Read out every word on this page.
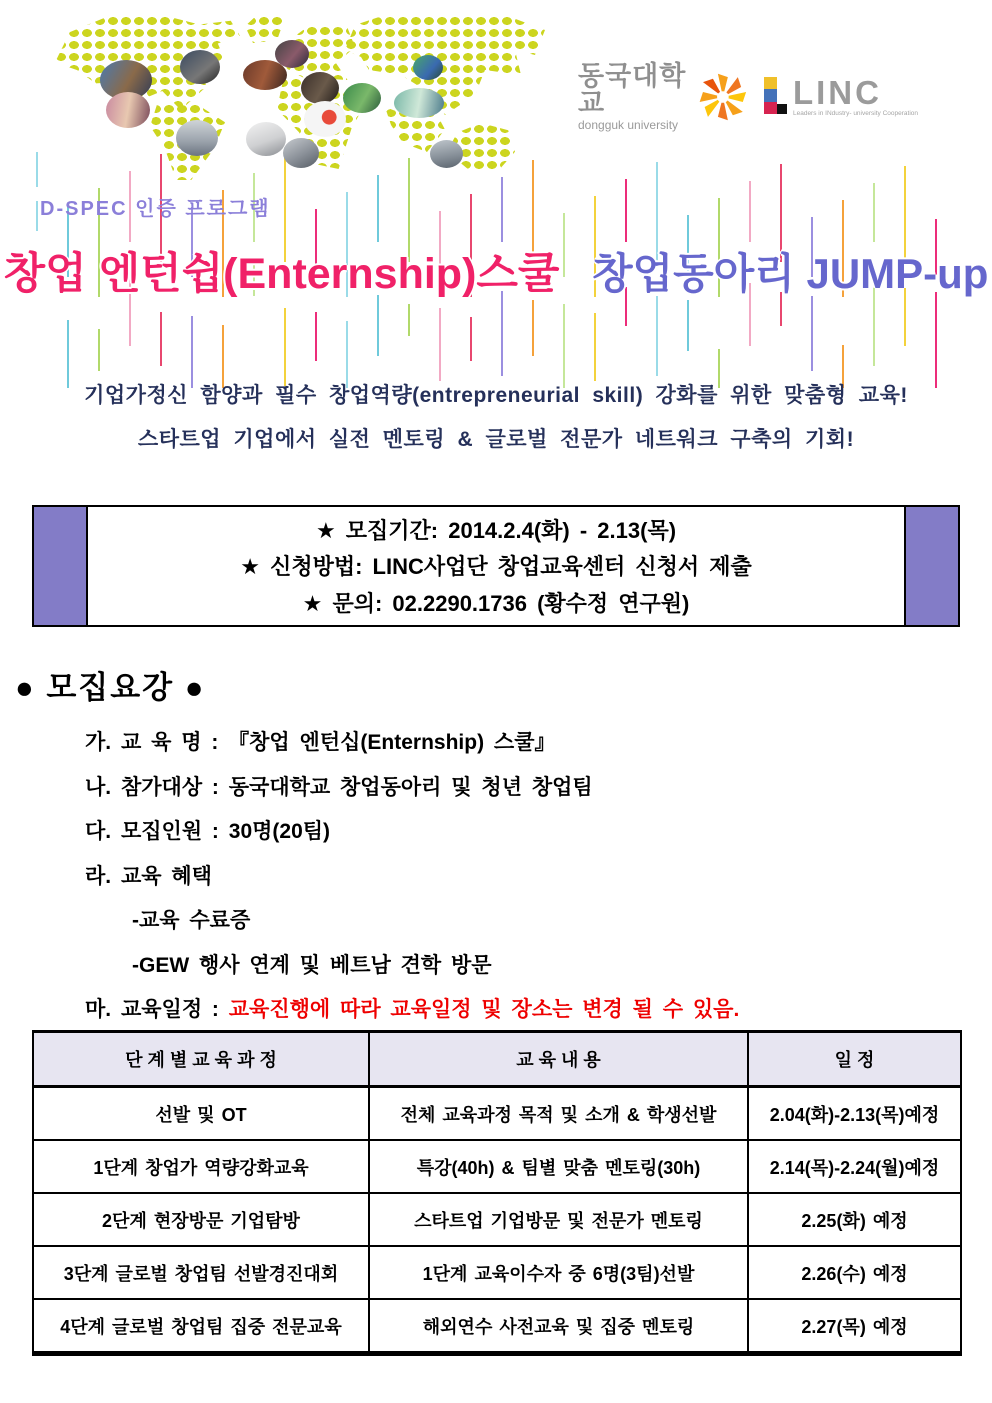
동국대학교
dongguk university
LINC
Leaders in INdustry- university Cooperation
D-SPEC 인증 프로그램
창업 엔턴쉽(Enternship)스쿨 창업동아리 JUMP-up
기업가정신 함양과 필수 창업역량(entrepreneurial skill) 강화를 위한 맞춤형 교육!
스타트업 기업에서 실전 멘토링 & 글로벌 전문가 네트워크 구축의 기회!
★ 모집기간: 2014.2.4(화) - 2.13(목)
★ 신청방법: LINC사업단 창업교육센터 신청서 제출
★ 문의: 02.2290.1736 (황수정 연구원)
● 모집요강 ●
가. 교 육 명 : 『창업 엔턴십(Enternship) 스쿨』
나. 참가대상 : 동국대학교 창업동아리 및 청년 창업팀
다. 모집인원 : 30명(20팀)
라. 교육 혜택
-교육 수료증
-GEW 행사 연계 및 베트남 견학 방문
마. 교육일정 : 교육진행에 따라 교육일정 및 장소는 변경 될 수 있음.
단 계 별 교 육 과 정	교 육 내 용	일 정
선발 및 OT	전체 교육과정 목적 및 소개 & 학생선발	2.04(화)-2.13(목)예정
1단계 창업가 역량강화교육	특강(40h) & 팀별 맞춤 멘토링(30h)	2.14(목)-2.24(월)예정
2단계 현장방문 기업탐방	스타트업 기업방문 및 전문가 멘토링	2.25(화) 예정
3단계 글로벌 창업팀 선발경진대회	1단계 교육이수자 중 6명(3팀)선발	2.26(수) 예정
4단계 글로벌 창업팀 집중 전문교육	해외연수 사전교육 및 집중 멘토링	2.27(목) 예정
